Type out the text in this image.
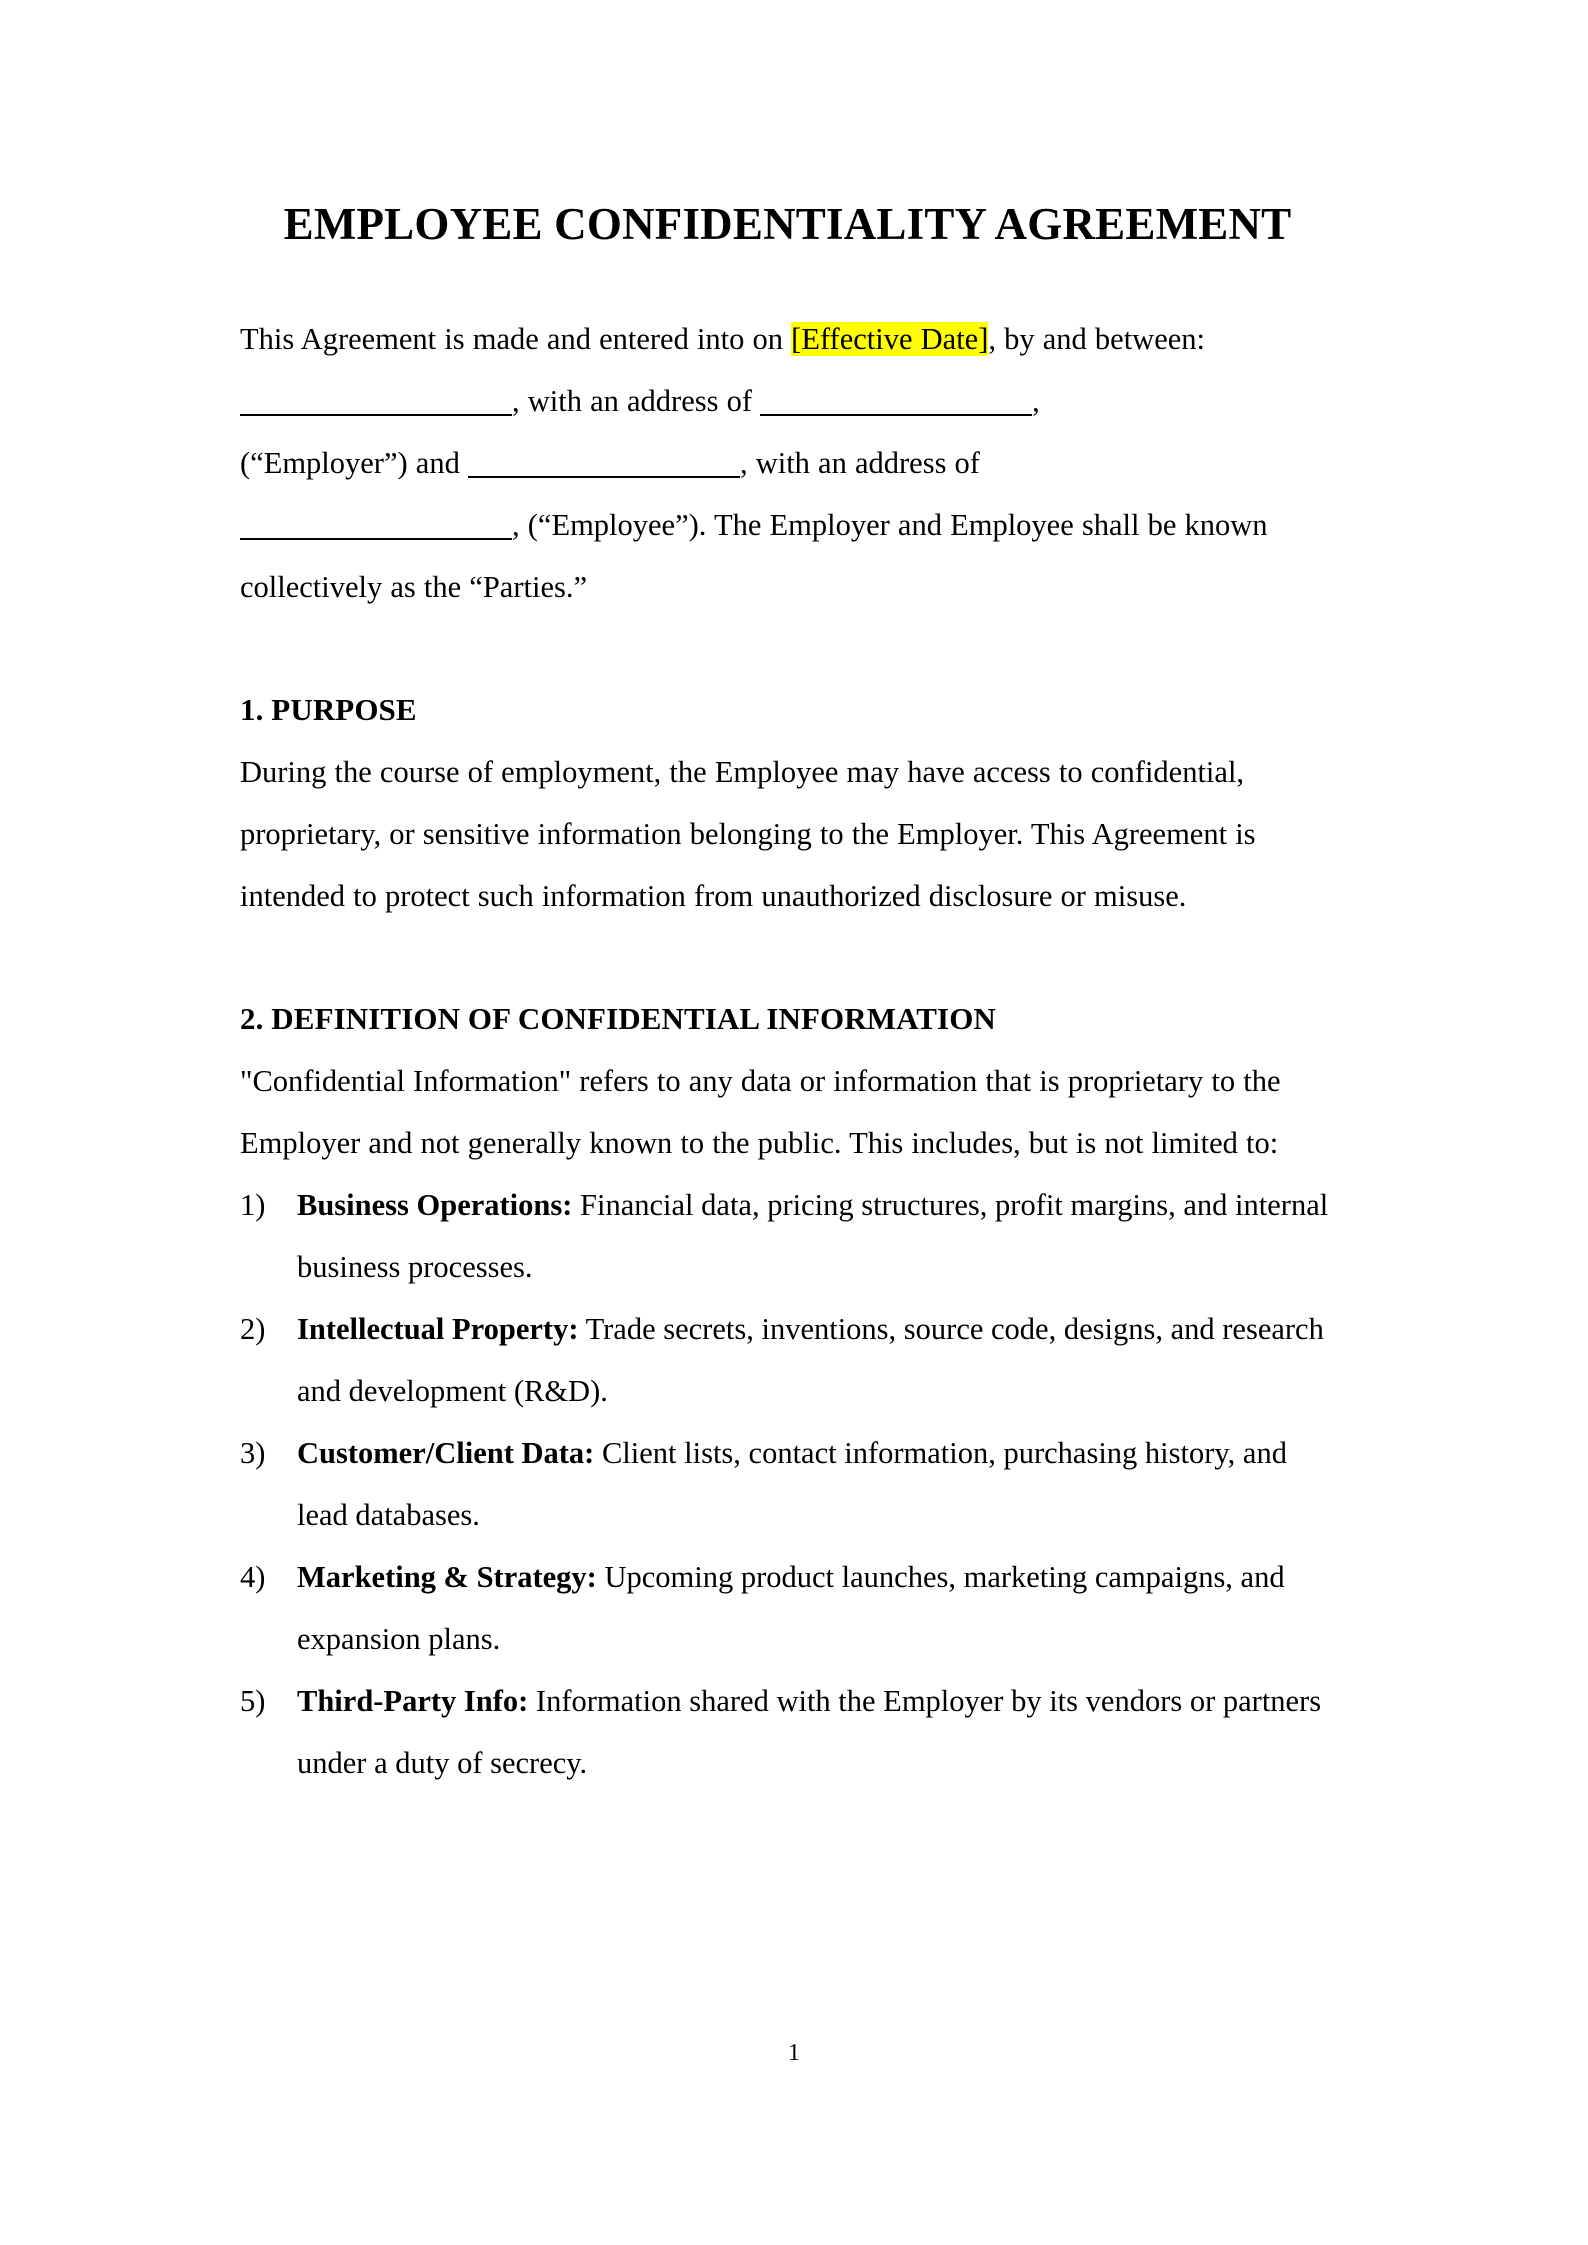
EMPLOYEE CONFIDENTIALITY AGREEMENT

This Agreement is made and entered into on [Effective Date], by and between:
, with an address of	,
(“Employer”) and	, with an address of
, (“Employee”). The Employer and Employee shall be known collectively as the “Parties.”

1. PURPOSE

During the course of employment, the Employee may have access to confidential, proprietary, or sensitive information belonging to the Employer. This Agreement is intended to protect such information from unauthorized disclosure or misuse.

2. DEFINITION OF CONFIDENTIAL INFORMATION

"Confidential Information" refers to any data or information that is proprietary to the Employer and not generally known to the public. This includes, but is not limited to:

1) Business Operations: Financial data, pricing structures, profit margins, and internal business processes.
2) Intellectual Property: Trade secrets, inventions, source code, designs, and research and development (R&D).
3) Customer/Client Data: Client lists, contact information, purchasing history, and lead databases.
4) Marketing & Strategy: Upcoming product launches, marketing campaigns, and expansion plans.
5) Third-Party Info: Information shared with the Employer by its vendors or partners under a duty of secrecy.
1
